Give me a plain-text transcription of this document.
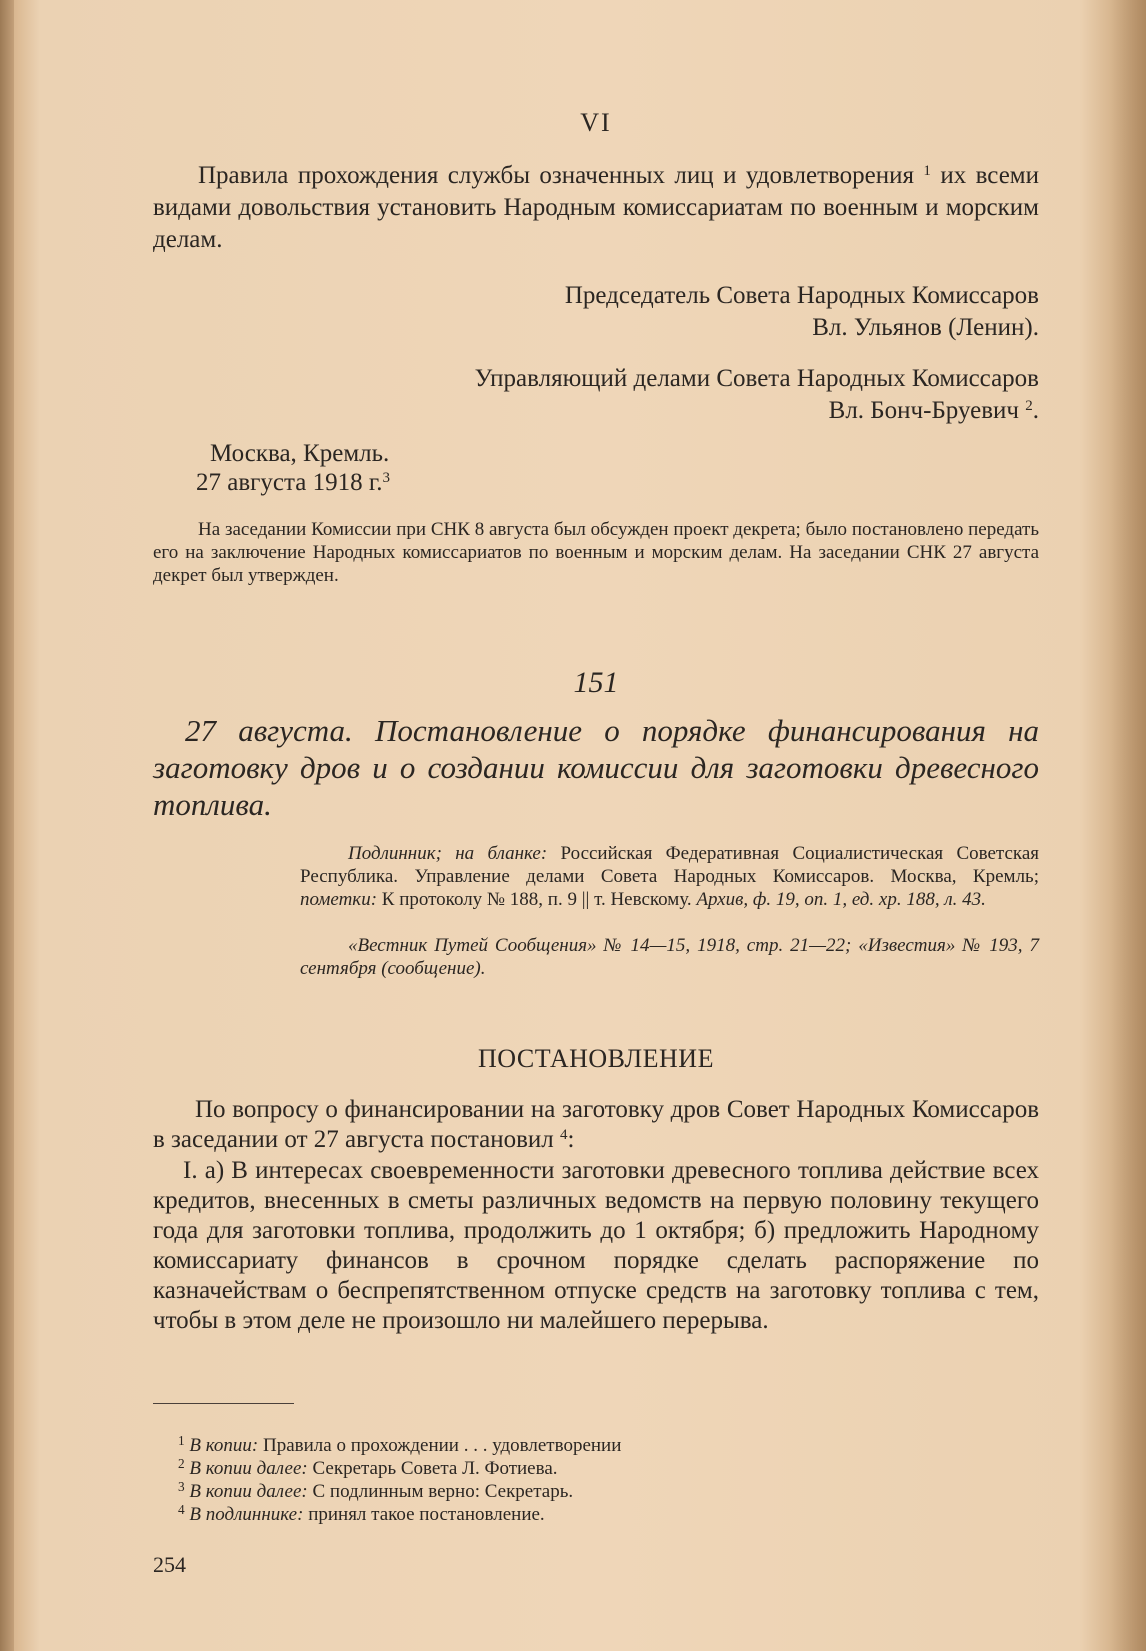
VI
Правила прохождения службы означенных лиц и удовлетворения $^1$ их всеми видами довольствия установить Народным комиссариатам по военным и морским делам.
Председатель Совета Народных Комиссаров
Вл. Ульянов (Ленин).
Управляющий делами Совета Народных Комиссаров
Вл. Бонч-Бруевич $^2$.
Москва, Кремль.
27 августа 1918 г.$^3$
На заседании Комиссии при СНК 8 августа был обсужден проект декрета; было постановлено передать его на заключение Народных комиссариатов по военным и морским делам. На заседании СНК 27 августа декрет был утвержден.
151
27 августа. Постановление о порядке финансирования на заготовку дров и о создании комиссии для заготовки древесного топлива.
Подлинник; на бланке: Российская Федеративная Социалистическая Советская Республика. Управление делами Совета Народных Комиссаров. Москва, Кремль; пометки: К протоколу № 188, п. 9 || т. Невскому. Архив, ф. 19, оп. 1, ед. хр. 188, л. 43.
«Вестник Путей Сообщения» № 14—15, 1918, стр. 21—22; «Известия» № 193, 7 сентября (сообщение).
ПОСТАНОВЛЕНИЕ
По вопросу о финансировании на заготовку дров Совет Народных Комиссаров в заседании от 27 августа постановил $^4$:
I. а) В интересах своевременности заготовки древесного топлива действие всех кредитов, внесенных в сметы различных ведомств на первую половину текущего года для заготовки топлива, продолжить до 1 октября; б) предложить Народному комиссариату финансов в срочном порядке сделать распоряжение по казначействам о беспрепятственном отпуске средств на заготовку топлива с тем, чтобы в этом деле не произошло ни малейшего перерыва.

$^1$ В копии: Правила о прохождении . . . удовлетворении

$^2$ В копии далее: Секретарь Совета Л. Фотиева.

$^3$ В копии далее: С подлинным верно: Секретарь.

$^4$ В подлиннике: принял такое постановление.

254
